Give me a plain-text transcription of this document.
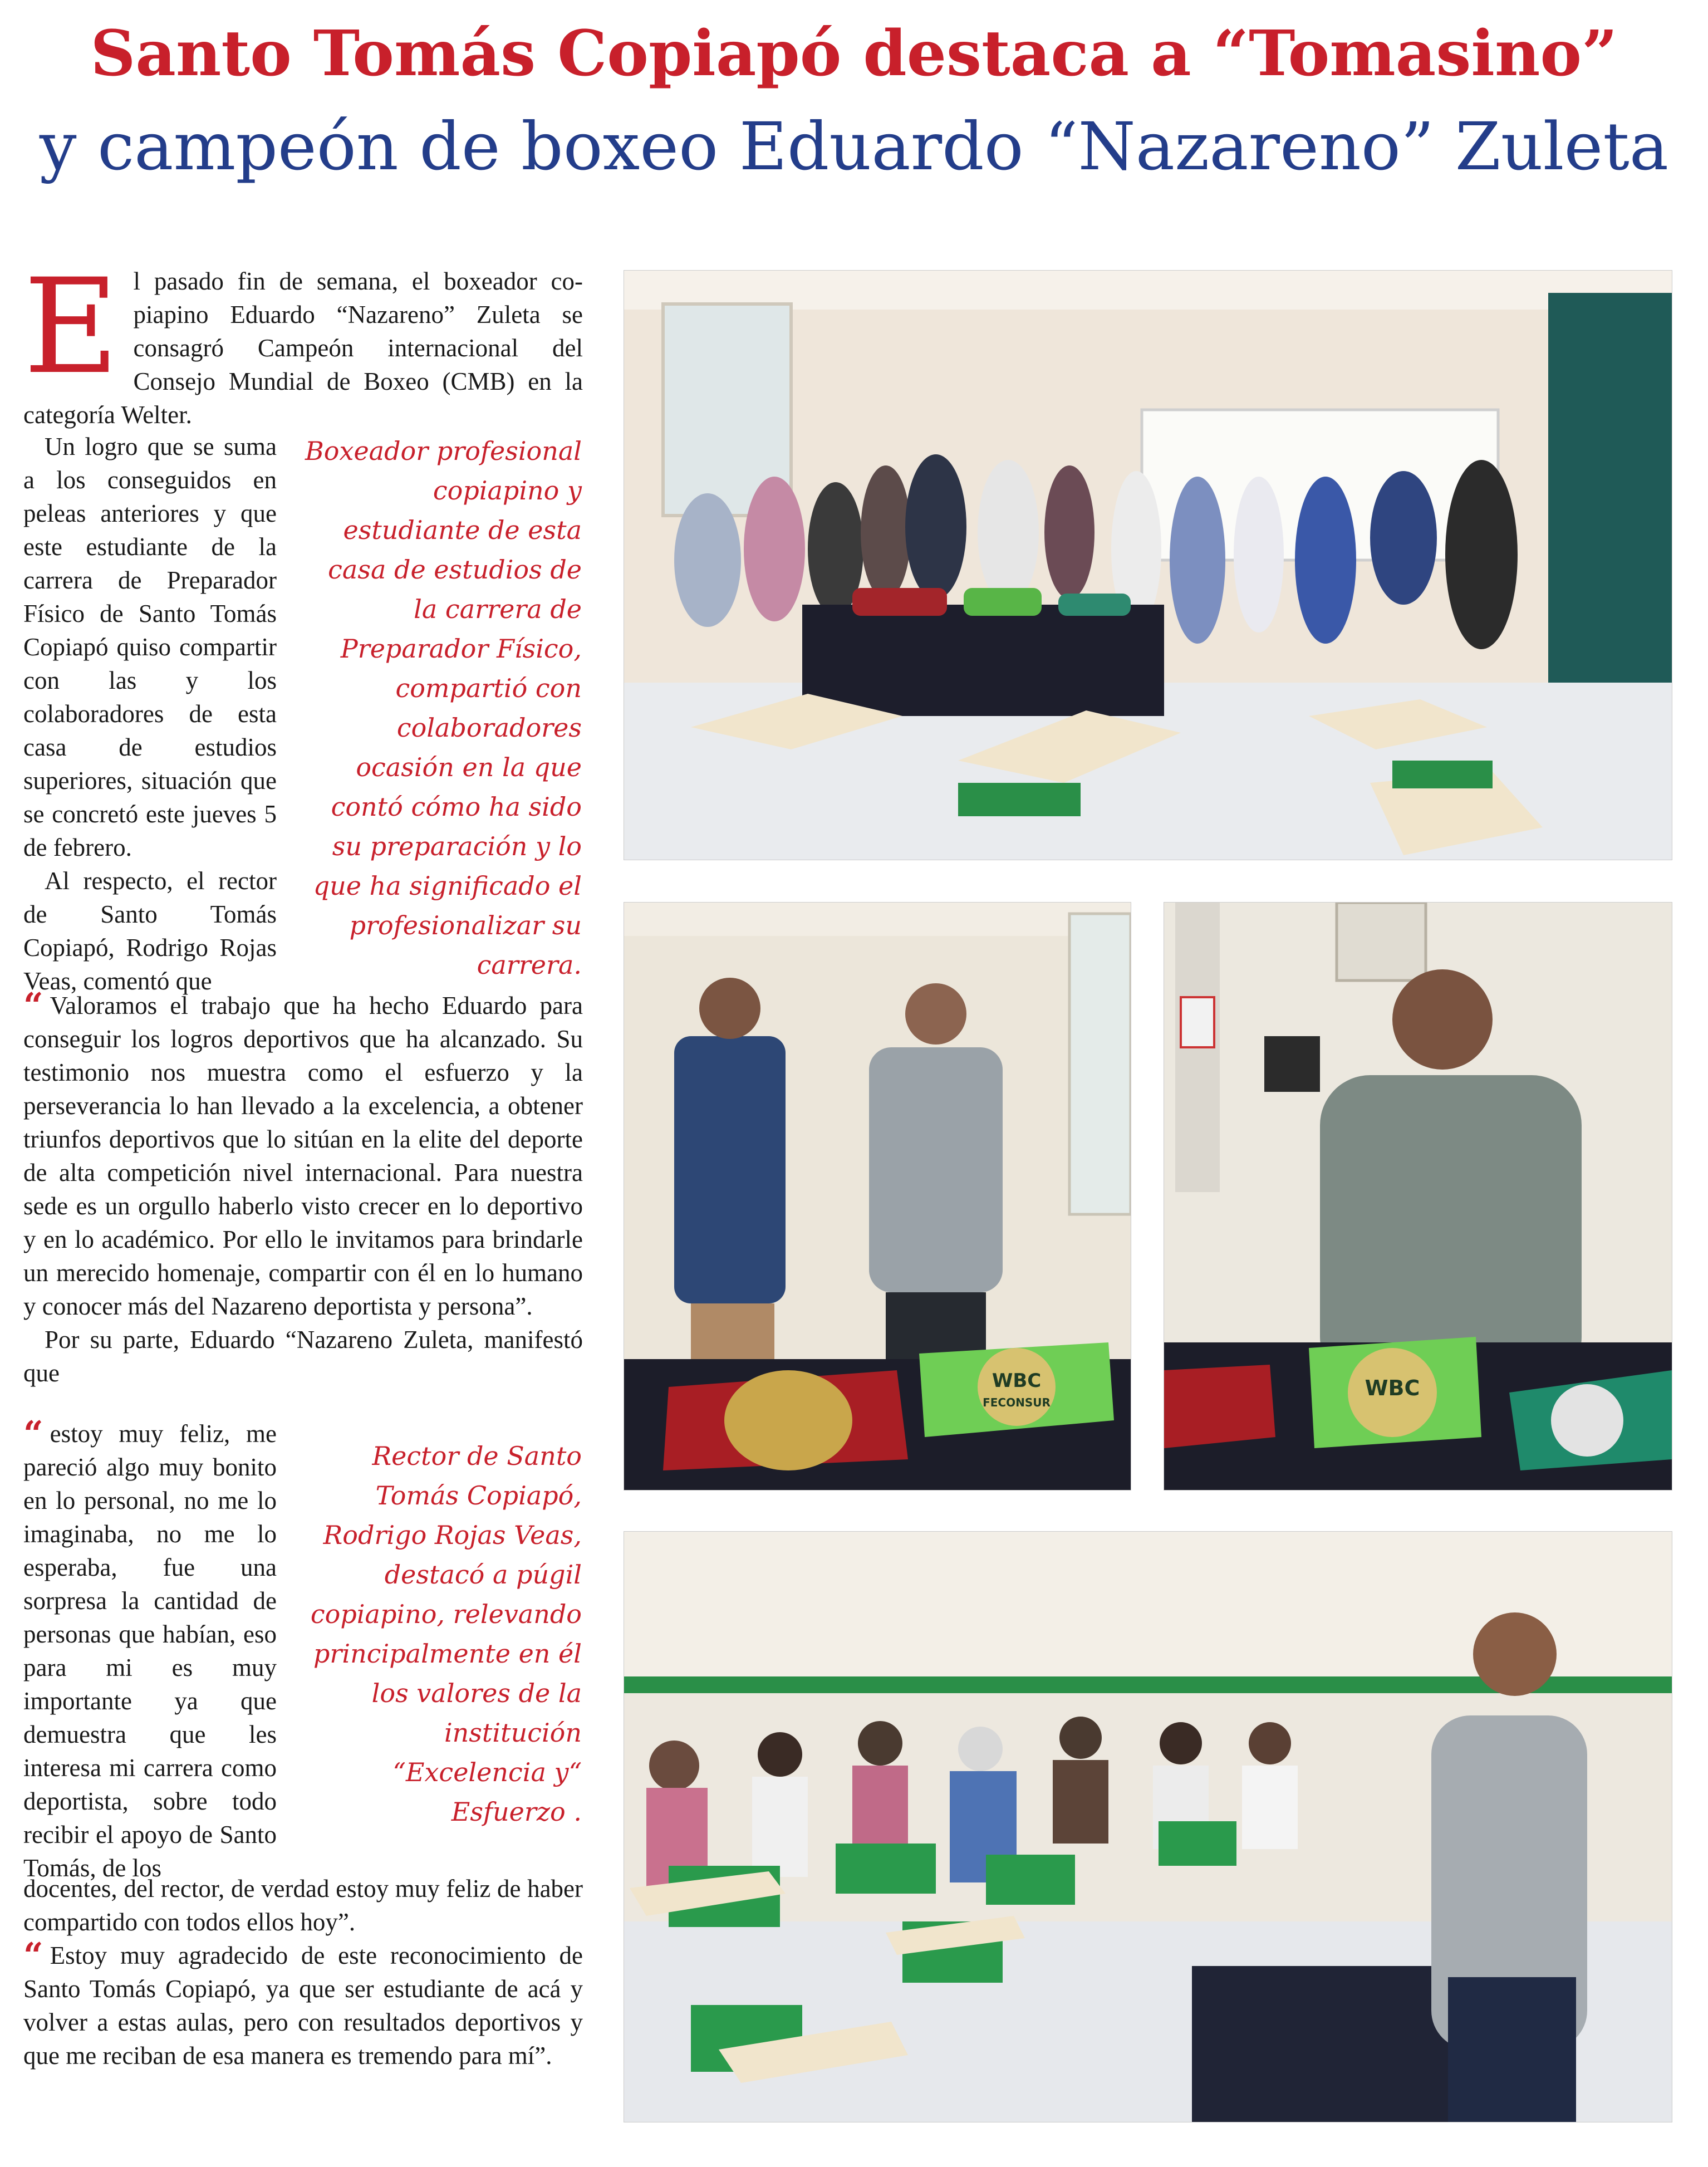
Santo Tomás Copiapó destaca a “Tomasino”
y campeón de boxeo Eduardo “Nazareno” Zuleta
E l pasado fin de semana, el boxeador co- piapino Eduardo “Nazareno” Zuleta se consagró Campeón internacional del Consejo Mundial de Boxeo (CMB) en la categoría Welter.

Un logro que se suma a los conseguidos en peleas anteriores y que este estudiante de la carrera de Preparador Físico de Santo Tomás Copiapó quiso compartir con las y los colaboradores de esta casa de estudios superiores, situación que se concretó este jueves 5 de febrero.

Al respecto, el rector de Santo Tomás Copiapó, Rodrigo Rojas Veas, comentó que

Boxeador profesional copiapino y estudiante de esta casa de estudios de la carrera de Preparador Físico, compartió con colaboradores ocasión en la que contó cómo ha sido su preparación y lo que ha significado el profesionalizar su carrera.

“ Valoramos el trabajo que ha hecho Eduardo para conseguir los logros deportivos que ha alcanzado. Su testimonio nos muestra como el esfuerzo y la perseverancia lo han llevado a la excelencia, a obtener triunfos deportivos que lo sitúan en la elite del deporte de alta competición nivel internacional. Para nuestra sede es un orgullo haberlo visto crecer en lo deportivo y en lo académico. Por ello le invitamos para brindarle un merecido homenaje, compartir con él en lo humano y conocer más del Nazareno deportista y persona”.

Por su parte, Eduardo “Nazareno Zuleta, manifestó que

“ estoy muy feliz, me pareció algo muy bonito en lo personal, no me lo imaginaba, no me lo esperaba, fue una sorpresa la cantidad de personas que habían, eso para mi es muy importante ya que demuestra que les interesa mi carrera como deportista, sobre todo recibir el apoyo de Santo Tomás, de los

Rector de Santo Tomás Copiapó, Rodrigo Rojas Veas, destacó a púgil copiapino, relevando principalmente en él los valores de la institución “Excelencia y“ Esfuerzo .

docentes, del rector, de verdad estoy muy feliz de haber compartido con todos ellos hoy”.

“ Estoy muy agradecido de este reconocimiento de Santo Tomás Copiapó, ya que ser estudiante de acá y volver a estas aulas, pero con resultados deportivos y que me reciban de esa manera es tremendo para mí”.

WBC
FECONSUR
WBC
